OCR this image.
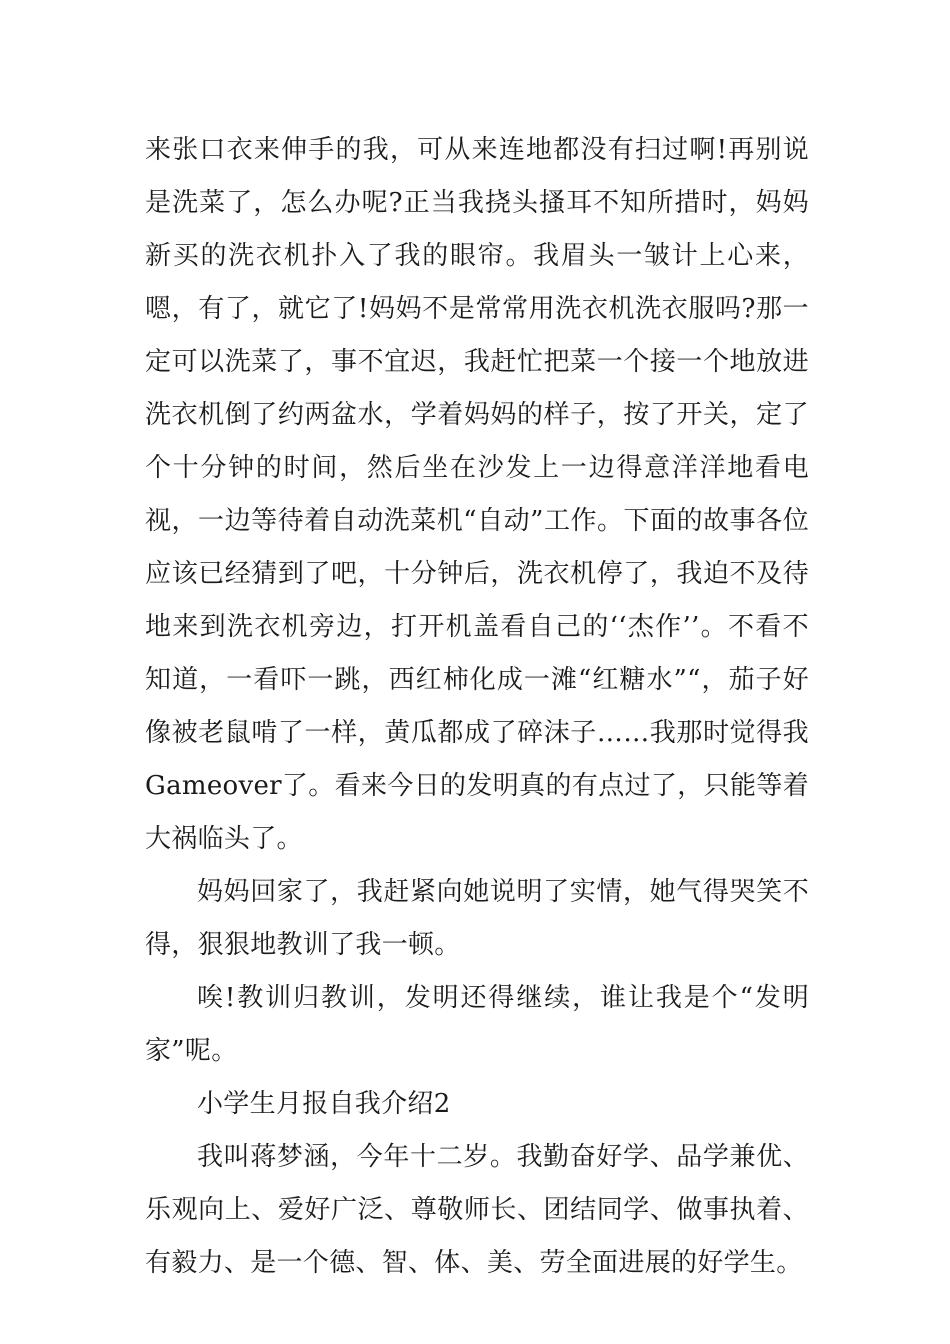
来张口衣来伸手的我，可从来连地都没有扫过啊!再别说是洗菜了，怎么办呢?正当我挠头搔耳不知所措时，妈妈新买的洗衣机扑入了我的眼帘。我眉头一皱计上心来，嗯，有了，就它了!妈妈不是常常用洗衣机洗衣服吗?那一定可以洗菜了，事不宜迟，我赶忙把菜一个接一个地放进洗衣机倒了约两盆水，学着妈妈的样子，按了开关，定了个十分钟的时间，然后坐在沙发上一边得意洋洋地看电视，一边等待着自动洗菜机“自动”工作。下面的故事各位应该已经猜到了吧，十分钟后，洗衣机停了，我迫不及待地来到洗衣机旁边，打开机盖看自己的‘‘杰作’’。不看不知道，一看吓一跳，西红柿化成一滩“红糖水”“，茄子好像被老鼠啃了一样，黄瓜都成了碎沫子……我那时觉得我Gameover了。看来今日的发明真的有点过了，只能等着大祸临头了。

妈妈回家了，我赶紧向她说明了实情，她气得哭笑不得，狠狠地教训了我一顿。

唉!教训归教训，发明还得继续，谁让我是个“发明家”呢。

小学生月报自我介绍2

我叫蒋梦涵，今年十二岁。我勤奋好学、品学兼优、乐观向上、爱好广泛、尊敬师长、团结同学、做事执着、有毅力、是一个德、智、体、美、劳全面进展的好学生。
